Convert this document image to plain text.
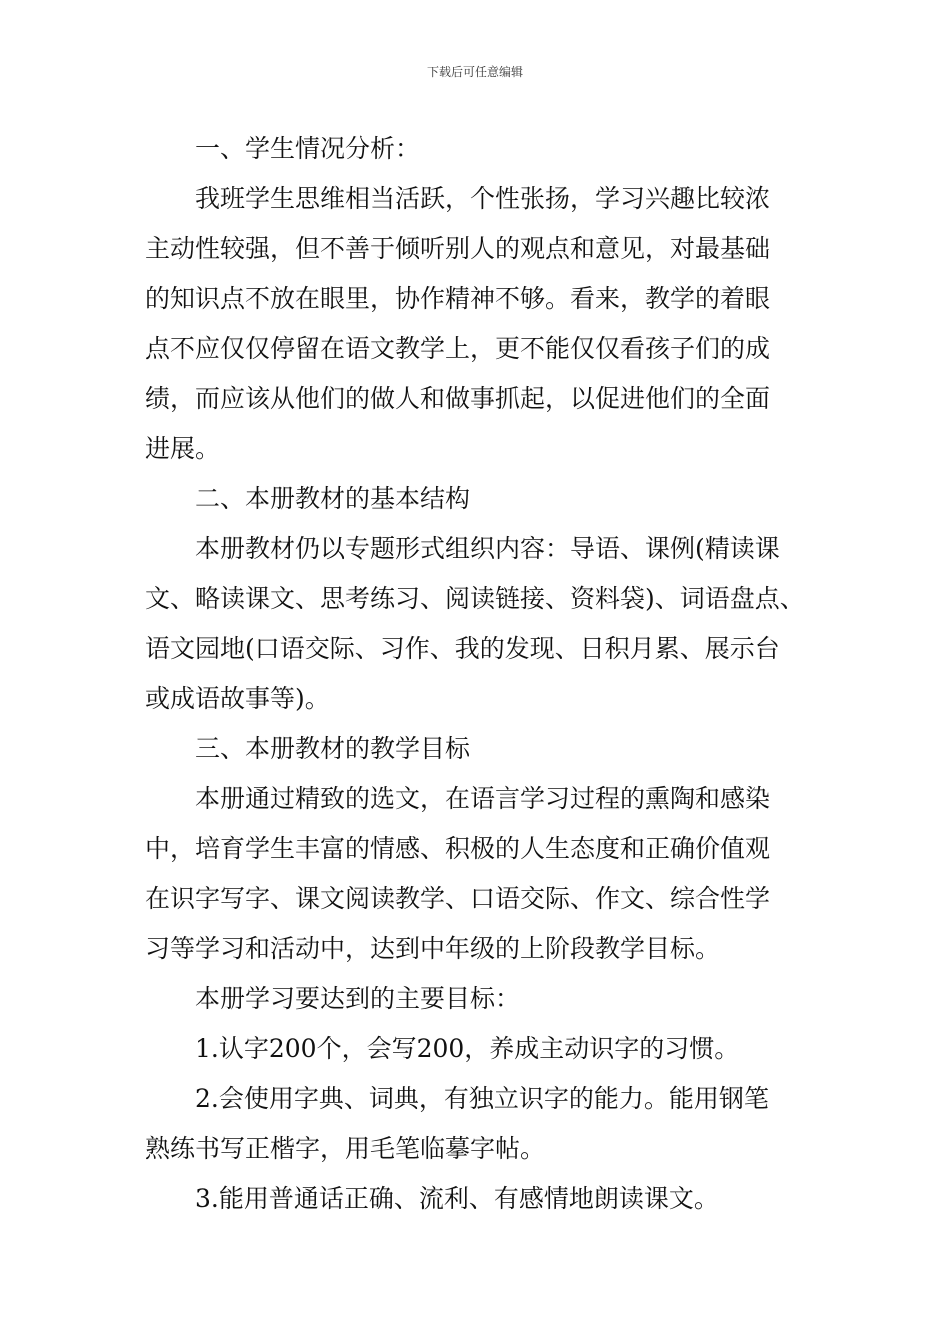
下载后可任意编辑
一、学生情况分析：
我班学生思维相当活跃，个性张扬，学习兴趣比较浓
主动性较强，但不善于倾听别人的观点和意见，对最基础
的知识点不放在眼里，协作精神不够。看来，教学的着眼
点不应仅仅停留在语文教学上，更不能仅仅看孩子们的成
绩，而应该从他们的做人和做事抓起，以促进他们的全面
进展。
二、本册教材的基本结构
本册教材仍以专题形式组织内容：导语、课例(精读课
文、略读课文、思考练习、阅读链接、资料袋)、词语盘点、
语文园地(口语交际、习作、我的发现、日积月累、展示台
或成语故事等)。
三、本册教材的教学目标
本册通过精致的选文，在语言学习过程的熏陶和感染
中，培育学生丰富的情感、积极的人生态度和正确价值观
在识字写字、课文阅读教学、口语交际、作文、综合性学
习等学习和活动中，达到中年级的上阶段教学目标。
本册学习要达到的主要目标：
1.认字200个，会写200，养成主动识字的习惯。
2.会使用字典、词典，有独立识字的能力。能用钢笔
熟练书写正楷字，用毛笔临摹字帖。
3.能用普通话正确、流利、有感情地朗读课文。
